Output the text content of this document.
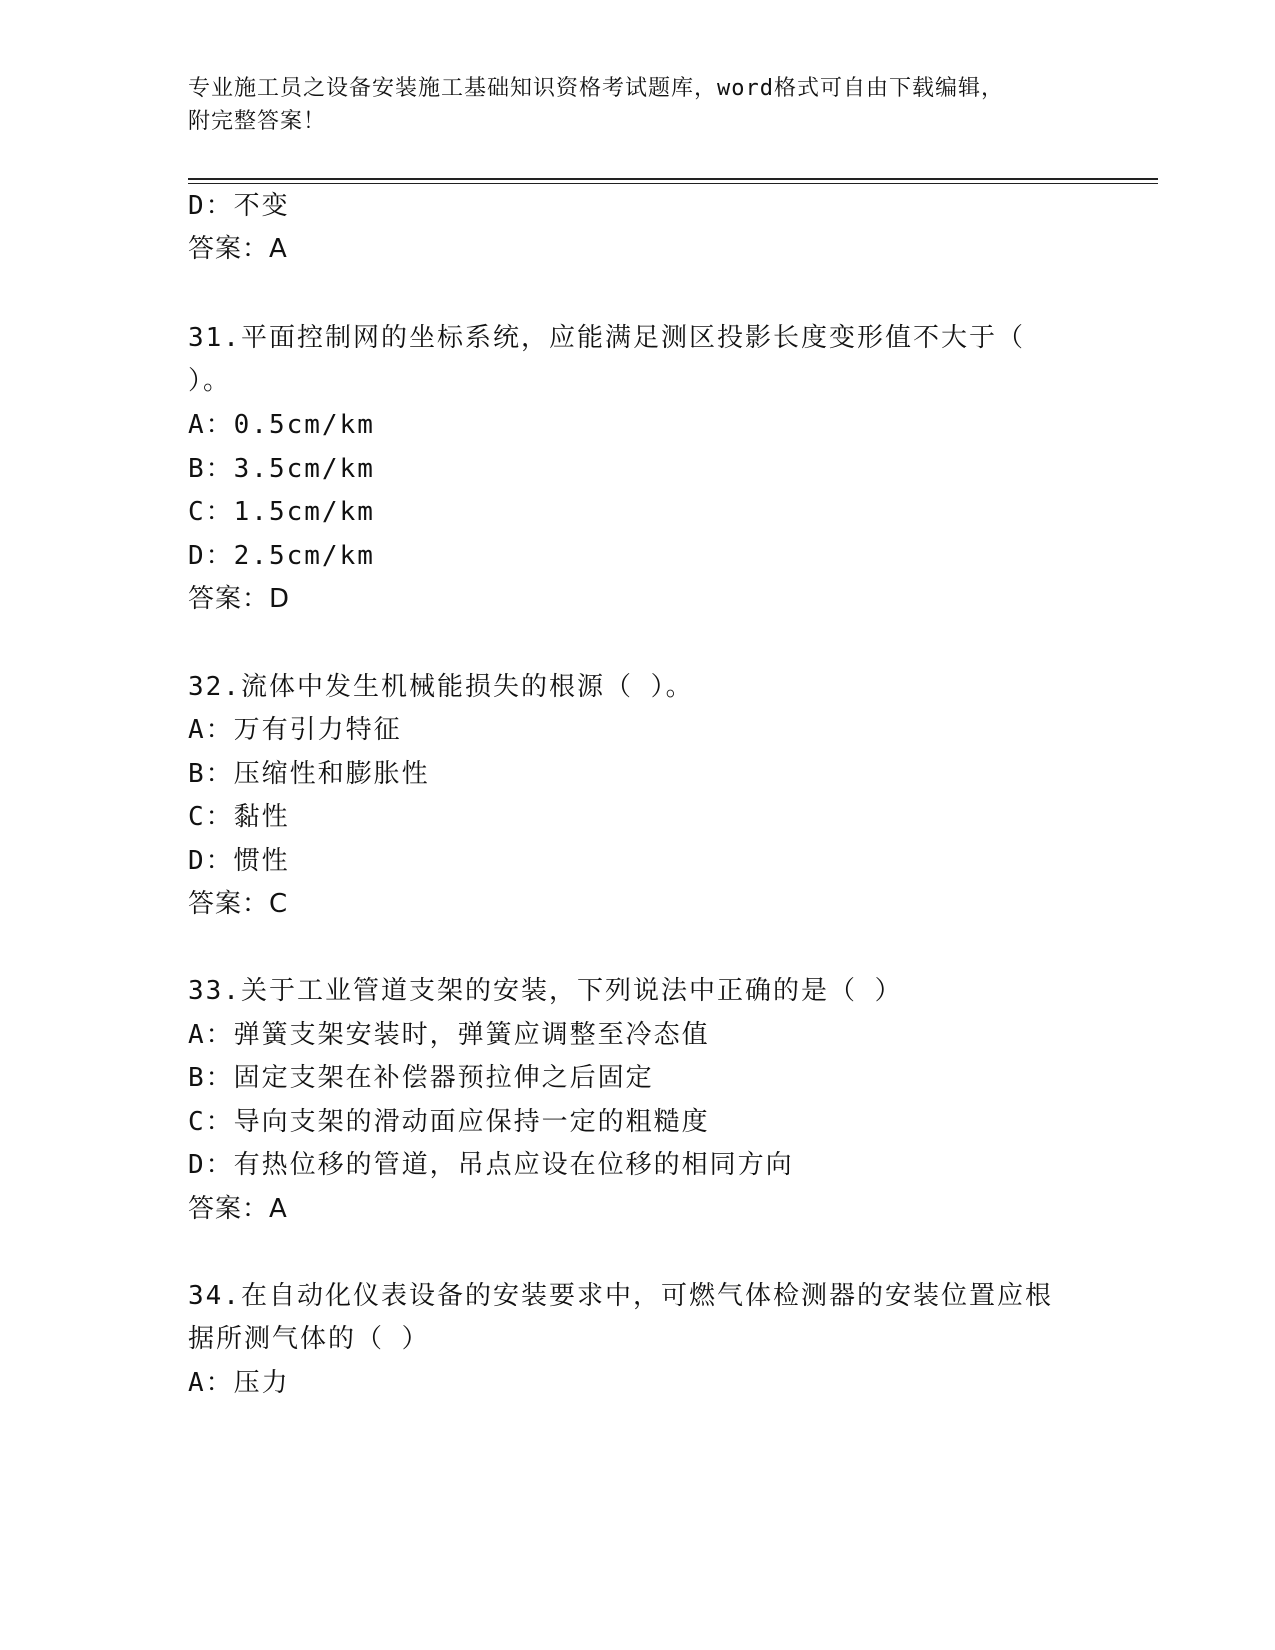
专业施工员之设备安装施工基础知识资格考试题库，word格式可自由下载编辑，
附完整答案！
D：不变
答案：A
31.平面控制网的坐标系统，应能满足测区投影长度变形值不大于（
）。
A：0.5cm/km
B：3.5cm/km
C：1.5cm/km
D：2.5cm/km
答案：D
32.流体中发生机械能损失的根源（ ）。
A：万有引力特征
B：压缩性和膨胀性
C：黏性
D：惯性
答案：C
33.关于工业管道支架的安装，下列说法中正确的是（ ）
A：弹簧支架安装时，弹簧应调整至冷态值
B：固定支架在补偿器预拉伸之后固定
C：导向支架的滑动面应保持一定的粗糙度
D：有热位移的管道，吊点应设在位移的相同方向
答案：A
34.在自动化仪表设备的安装要求中，可燃气体检测器的安装位置应根
据所测气体的（ ）
A：压力
